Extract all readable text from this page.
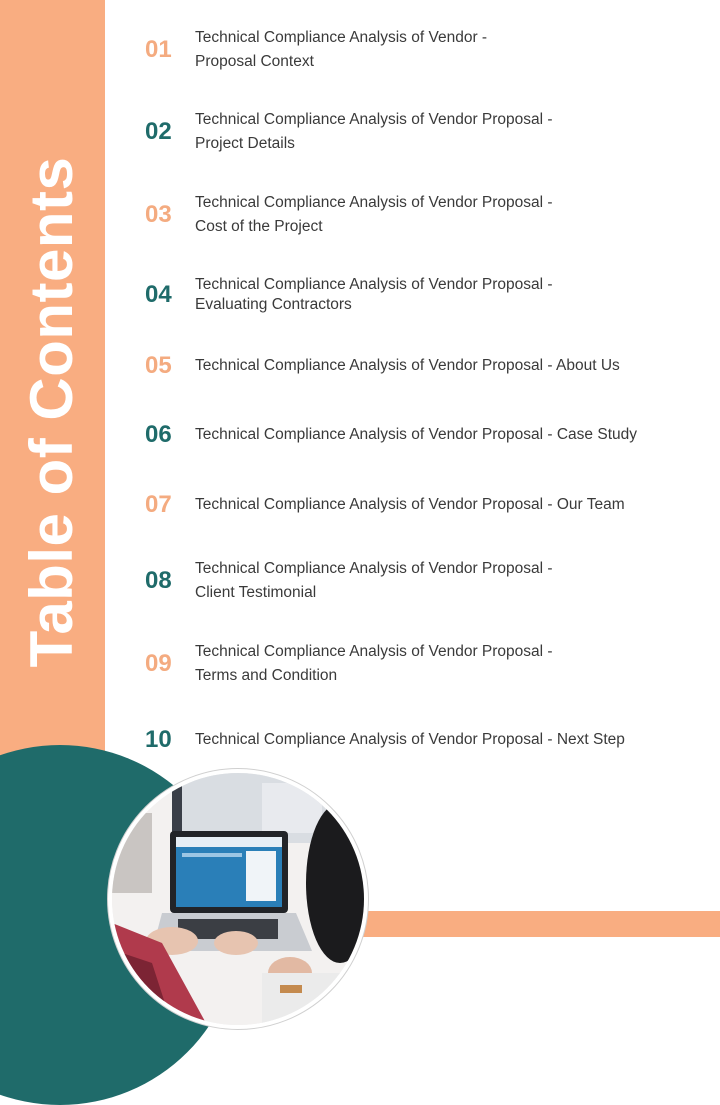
Table of Contents
01	Technical Compliance Analysis of Vendor -
Proposal Context
02	Technical Compliance Analysis of Vendor Proposal -
Project Details
03	Technical Compliance Analysis of Vendor Proposal -
Cost of the Project
04	Technical Compliance Analysis of Vendor Proposal -
Evaluating Contractors
05	Technical Compliance Analysis of Vendor Proposal - About Us
06	Technical Compliance Analysis of Vendor Proposal - Case Study
07	Technical Compliance Analysis of Vendor Proposal - Our Team
08	Technical Compliance Analysis of Vendor Proposal -
Client Testimonial
09	Technical Compliance Analysis of Vendor Proposal -
Terms and Condition
10	Technical Compliance Analysis of Vendor Proposal - Next Step
